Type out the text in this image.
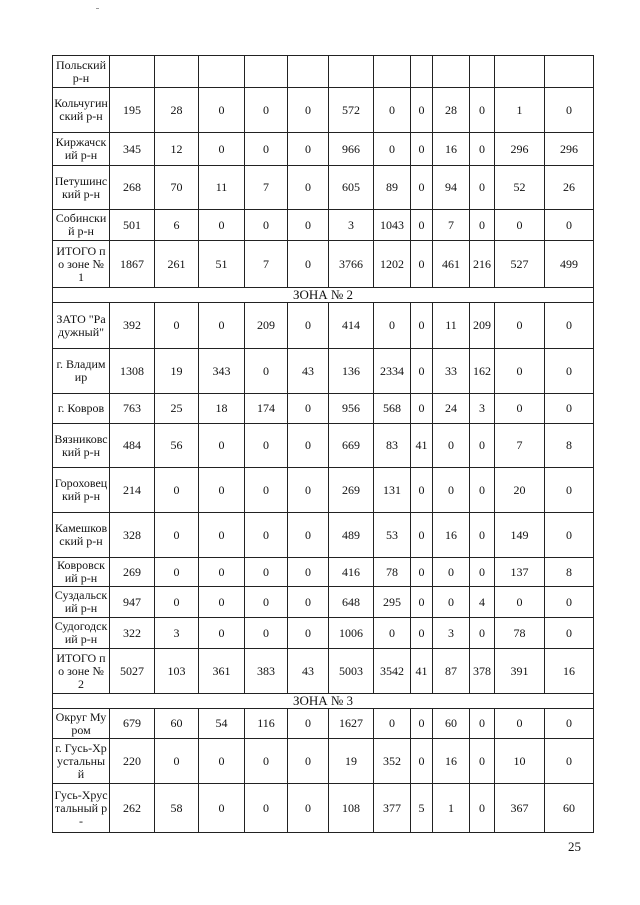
Польский р-н												
Кольчугинский р-н	195	28	0	0	0	572	0	0	28	0	1	0
Киржачский р-н	345	12	0	0	0	966	0	0	16	0	296	296
Петушинский р-н	268	70	11	7	0	605	89	0	94	0	52	26
Собинский р-н	501	6	0	0	0	3	1043	0	7	0	0	0
ИТОГО по зоне № 1	1867	261	51	7	0	3766	1202	0	461	216	527	499
ЗОНА № 2												
ЗАТО "Радужный"	392	0	0	209	0	414	0	0	11	209	0	0
г. Владимир	1308	19	343	0	43	136	2334	0	33	162	0	0
г. Ковров	763	25	18	174	0	956	568	0	24	3	0	0
Вязниковский р-н	484	56	0	0	0	669	83	41	0	0	7	8
Гороховецкий р-н	214	0	0	0	0	269	131	0	0	0	20	0
Камешковский р-н	328	0	0	0	0	489	53	0	16	0	149	0
Ковровский р-н	269	0	0	0	0	416	78	0	0	0	137	8
Суздальский р-н	947	0	0	0	0	648	295	0	0	4	0	0
Судогодский р-н	322	3	0	0	0	1006	0	0	3	0	78	0
ИТОГО по зоне № 2	5027	103	361	383	43	5003	3542	41	87	378	391	16
ЗОНА № 3												
Округ Муром	679	60	54	116	0	1627	0	0	60	0	0	0
г. Гусь-Хрустальный	220	0	0	0	0	19	352	0	16	0	10	0
Гусь-Хрустальный р-	262	58	0	0	0	108	377	5	1	0	367	60
25
